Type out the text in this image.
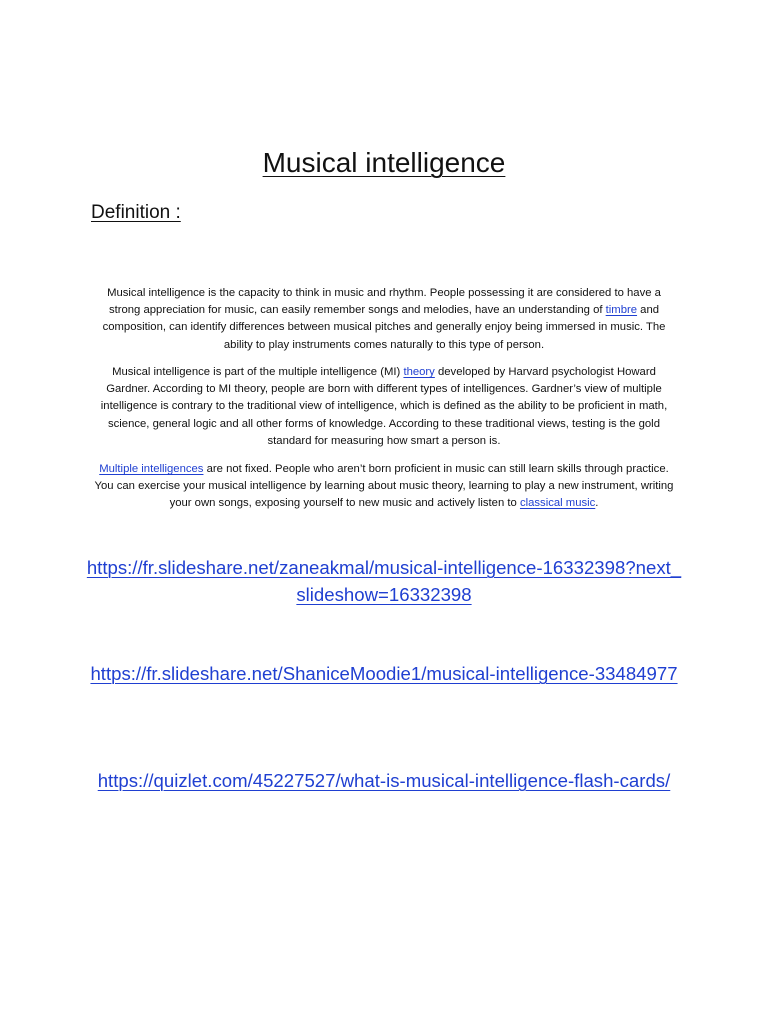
Musical intelligence
Definition :

Musical intelligence is the capacity to think in music and rhythm. People possessing it are considered to have a strong appreciation for music, can easily remember songs and melodies, have an understanding of timbre and composition, can identify differences between musical pitches and generally enjoy being immersed in music. The ability to play instruments comes naturally to this type of person.

Musical intelligence is part of the multiple intelligence (MI) theory developed by Harvard psychologist Howard Gardner. According to MI theory, people are born with different types of intelligences. Gardner’s view of multiple intelligence is contrary to the traditional view of intelligence, which is defined as the ability to be proficient in math, science, general logic and all other forms of knowledge. According to these traditional views, testing is the gold standard for measuring how smart a person is.

Multiple intelligences are not fixed. People who aren’t born proficient in music can still learn skills through practice. You can exercise your musical intelligence by learning about music theory, learning to play a new instrument, writing your own songs, exposing yourself to new music and actively listen to classical music.

https://fr.slideshare.net/zaneakmal/musical-intelligence-16332398?next_slideshow=16332398

https://fr.slideshare.net/ShaniceMoodie1/musical-intelligence-33484977

https://quizlet.com/45227527/what-is-musical-intelligence-flash-cards/
